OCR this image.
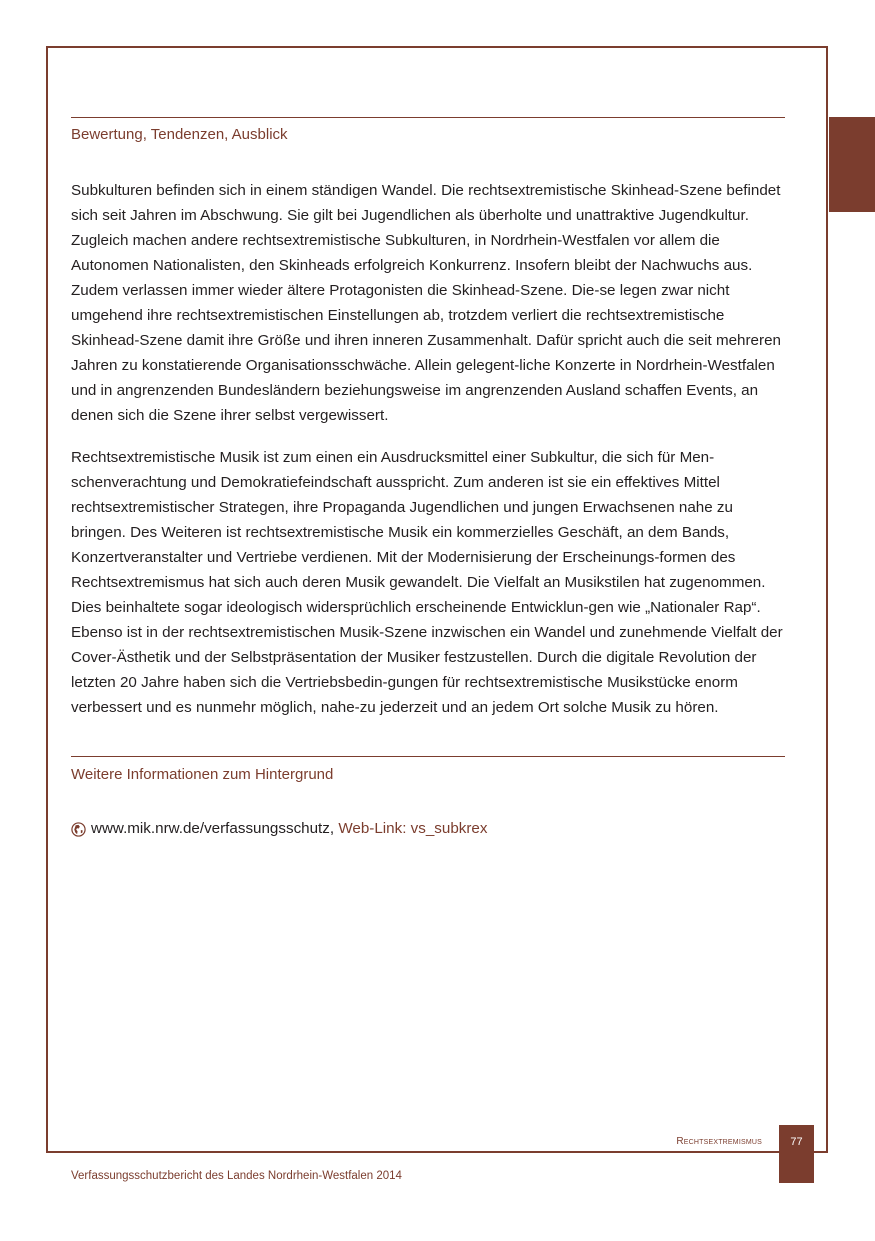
Bewertung, Tendenzen, Ausblick

Subkulturen befinden sich in einem ständigen Wandel. Die rechtsextremistische Skinhead-Szene befindet sich seit Jahren im Abschwung. Sie gilt bei Jugendlichen als überholte und unattraktive Jugendkultur. Zugleich machen andere rechtsextremistische Subkulturen, in Nordrhein-Westfalen vor allem die Autonomen Nationalisten, den Skinheads erfolgreich Konkurrenz. Insofern bleibt der Nachwuchs aus. Zudem verlassen immer wieder ältere Protagonisten die Skinhead-Szene. Die-se legen zwar nicht umgehend ihre rechtsextremistischen Einstellungen ab, trotzdem verliert die rechtsextremistische Skinhead-Szene damit ihre Größe und ihren inneren Zusammenhalt. Dafür spricht auch die seit mehreren Jahren zu konstatierende Organisationsschwäche. Allein gelegent-liche Konzerte in Nordrhein-Westfalen und in angrenzenden Bundesländern beziehungsweise im angrenzenden Ausland schaffen Events, an denen sich die Szene ihrer selbst vergewissert.

Rechtsextremistische Musik ist zum einen ein Ausdrucksmittel einer Subkultur, die sich für Men-schenverachtung und Demokratiefeindschaft ausspricht. Zum anderen ist sie ein effektives Mittel rechtsextremistischer Strategen, ihre Propaganda Jugendlichen und jungen Erwachsenen nahe zu bringen. Des Weiteren ist rechtsextremistische Musik ein kommerzielles Geschäft, an dem Bands, Konzertveranstalter und Vertriebe verdienen. Mit der Modernisierung der Erscheinungs-formen des Rechtsextremismus hat sich auch deren Musik gewandelt. Die Vielfalt an Musikstilen hat zugenommen. Dies beinhaltete sogar ideologisch widersprüchlich erscheinende Entwicklun-gen wie „Nationaler Rap“. Ebenso ist in der rechtsextremistischen Musik-Szene inzwischen ein Wandel und zunehmende Vielfalt der Cover-Ästhetik und der Selbstpräsentation der Musiker festzustellen. Durch die digitale Revolution der letzten 20 Jahre haben sich die Vertriebsbedin-gungen für rechtsextremistische Musikstücke enorm verbessert und es nunmehr möglich, nahe-zu jederzeit und an jedem Ort solche Musik zu hören.

Weitere Informationen zum Hintergrund
www.mik.nrw.de/verfassungsschutz,
Web-Link: vs_subkrex
Rechtsextremismus	77
Verfassungsschutzbericht des Landes Nordrhein-Westfalen 2014
